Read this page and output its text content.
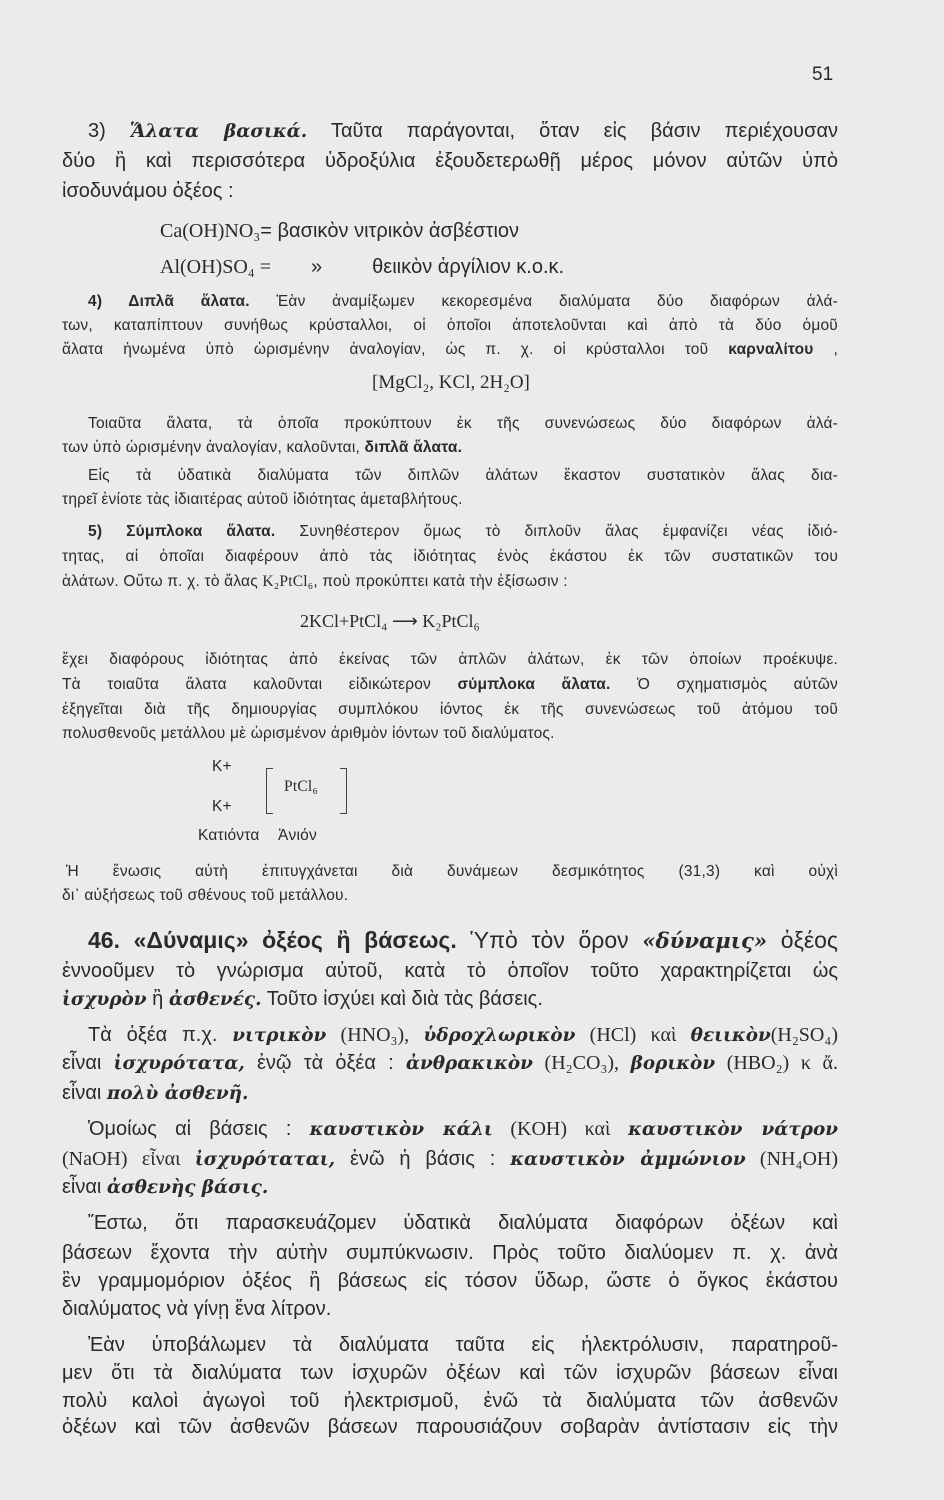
51
3) Ἅλατα βασικά. Ταῦτα παράγονται, ὅταν εἰς βάσιν περιέχουσαν
δύο ἢ καὶ περισσότερα ὑδροξύλια ἐξουδετερωθῇ μέρος μόνον αὐτῶν ὑπὸ
ἰσοδυνάμου ὀξέος :
Ca(OH)NO₃= βασικὸν νιτρικὸν ἀσβέστιον
Al(OH)SO₄ = »	θειικὸν ἀργίλιον κ.ο.κ.
4) Διπλᾶ ἅλατα. Ἐὰν ἀναμίξωμεν κεκορεσμένα διαλύματα δύο διαφόρων ἁλά-
των, καταπίπτουν συνήθως κρύσταλλοι, οἱ ὁποῖοι ἀποτελοῦνται καὶ ἀπὸ τὰ δύο ὁμοῦ
ἅλατα ἡνωμένα ὑπὸ ὡρισμένην ἀναλογίαν, ὡς π. χ. οἱ κρύσταλλοι τοῦ καρναλίτου ,
[MgCl₂, KCl, 2H₂O]
Τοιαῦτα ἅλατα, τὰ ὁποῖα προκύπτουν ἐκ τῆς συνενώσεως δύο διαφόρων ἁλά-
των ὑπὸ ὡρισμένην ἀναλογίαν, καλοῦνται, διπλᾶ ἅλατα.
Εἰς τὰ ὑδατικὰ διαλύματα τῶν διπλῶν ἁλάτων ἕκαστον συστατικὸν ἅλας δια-
τηρεῖ ἐνίοτε τὰς ἰδιαιτέρας αὐτοῦ ἰδιότητας ἀμεταβλήτους.
5) Σύμπλοκα ἅλατα. Συνηθέστερον ὅμως τὸ διπλοῦν ἅλας ἐμφανίζει νέας ἰδιό-
τητας, αἱ ὁποῖαι διαφέρουν ἀπὸ τὰς ἰδιότητας ἑνὸς ἑκάστου ἐκ τῶν συστατικῶν του
ἁλάτων. Οὕτω π. χ. τὸ ἅλας K₂PtCl₆, ποὺ προκύπτει κατὰ τὴν ἐξίσωσιν :
2KCl+PtCl₄ ⟶ K₂PtCl₆
ἔχει διαφόρους ἰδιότητας ἀπὸ ἐκείνας τῶν ἁπλῶν ἁλάτων, ἐκ τῶν ὁποίων προέκυψε.
Τὰ τοιαῦτα ἅλατα καλοῦνται εἰδικώτερον σύμπλοκα ἅλατα. Ὁ σχηματισμὸς αὐτῶν
ἐξηγεῖται διὰ τῆς δημιουργίας συμπλόκου ἰόντος ἐκ τῆς συνενώσεως τοῦ ἀτόμου τοῦ
πολυσθενοῦς μετάλλου μὲ ὡρισμένον ἀριθμὸν ἰόντων τοῦ διαλύματος.
K+
K+
PtCl₆
Κατιόντα Ἀνιόν
Ἡ ἕνωσις αὐτὴ ἐπιτυγχάνεται διὰ δυνάμεων δεσμικότητος (31,3) καὶ οὐχὶ
δι᾿ αὐξήσεως τοῦ σθένους τοῦ μετάλλου.
46. «Δύναμις» ὀξέος ἢ βάσεως. Ὑπὸ τὸν ὅρον «δύναμις» ὀξέος
ἐννοοῦμεν τὸ γνώρισμα αὐτοῦ, κατὰ τὸ ὁποῖον τοῦτο χαρακτηρίζεται ὡς
ἰσχυρὸν ἢ ἀσθενές. Τοῦτο ἰσχύει καὶ διὰ τὰς βάσεις.
Τὰ ὀξέα π.χ. νιτρικὸν (HNO₃), ὑδροχλωρικὸν (HCl) καὶ θειικὸν(H₂SO₄)
εἶναι ἰσχυρότατα, ἐνῷ τὰ ὀξέα : ἀνθρακικὸν (H₂CO₃), βορικὸν (HBO₂) κ ἄ.
εἶναι πολὺ ἀσθενῆ.
Ὁμοίως αἱ βάσεις : καυστικὸν κάλι (KOH) καὶ καυστικὸν νάτρον
(NaOH) εἶναι ἰσχυρόταται, ἐνῶ ἡ βάσις : καυστικὸν ἀμμώνιον (NH₄OH)
εἶναι ἀσθενὴς βάσις.
Ἔστω, ὅτι παρασκευάζομεν ὑδατικὰ διαλύματα διαφόρων ὀξέων καὶ
βάσεων ἔχοντα τὴν αὐτὴν συμπύκνωσιν. Πρὸς τοῦτο διαλύομεν π. χ. ἀνὰ
ἓν γραμμομόριον ὀξέος ἢ βάσεως εἰς τόσον ὕδωρ, ὥστε ὁ ὄγκος ἑκάστου
διαλύματος νὰ γίνῃ ἕνα λίτρον.
Ἐὰν ὑποβάλωμεν τὰ διαλύματα ταῦτα εἰς ἠλεκτρόλυσιν, παρατηροῦ-
μεν ὅτι τὰ διαλύματα των ἰσχυρῶν ὀξέων καὶ τῶν ἰσχυρῶν βάσεων εἶναι
πολὺ καλοὶ ἀγωγοὶ τοῦ ἠλεκτρισμοῦ, ἐνῶ τὰ διαλύματα τῶν ἀσθενῶν
ὀξέων καὶ τῶν ἀσθενῶν βάσεων παρουσιάζουν σοβαρὰν ἀντίστασιν εἰς τὴν
